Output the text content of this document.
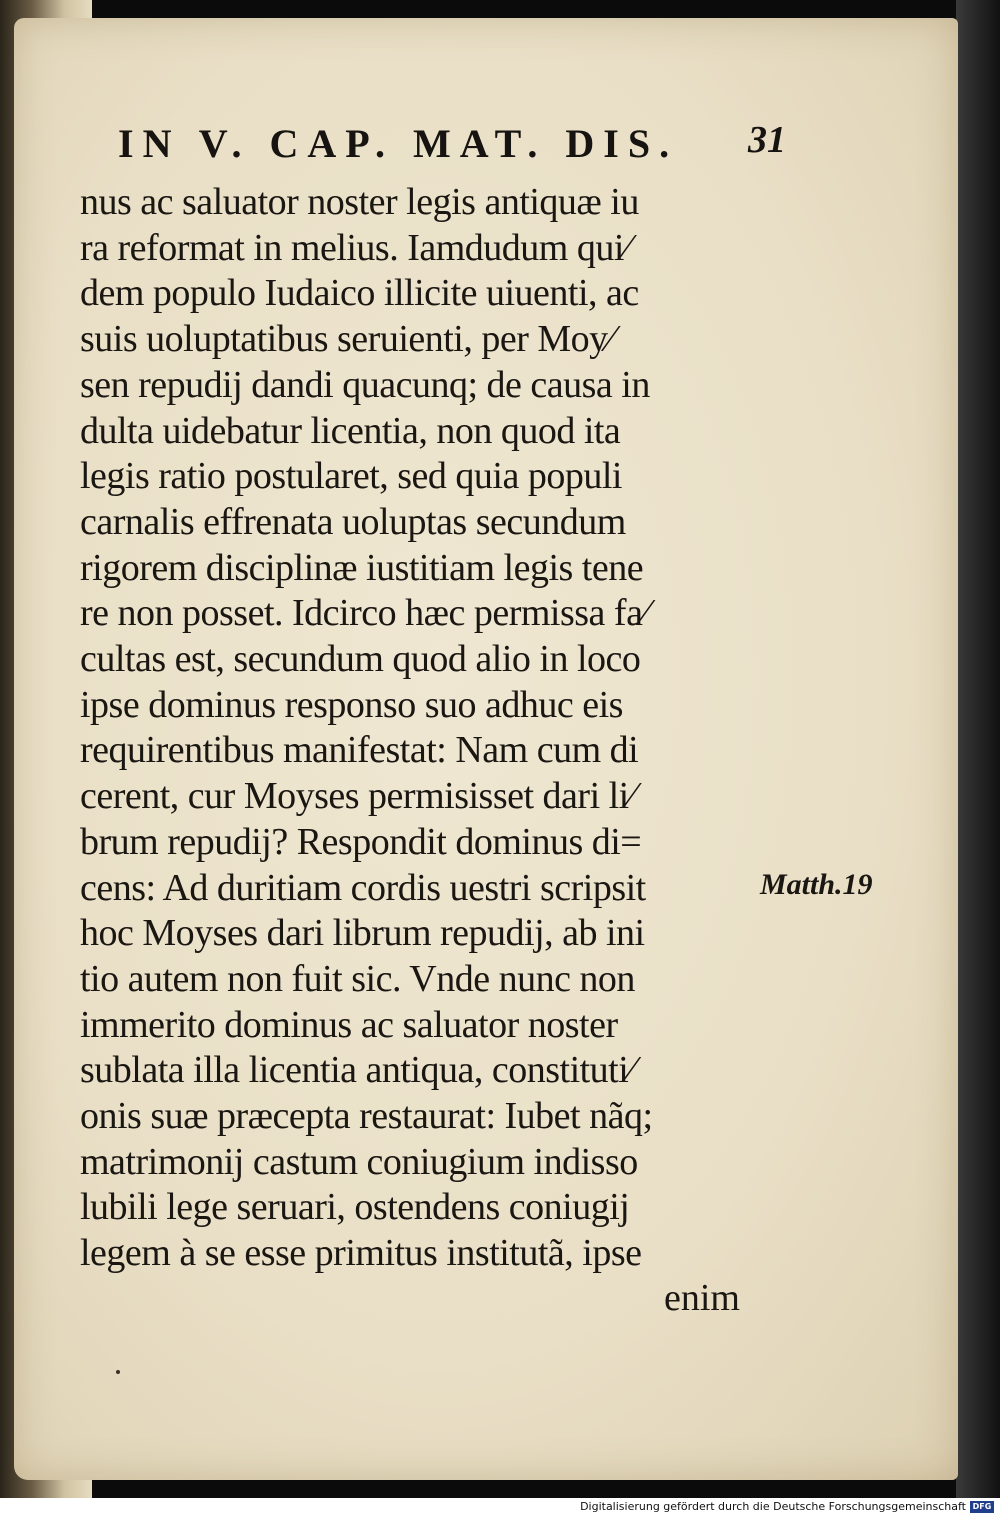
IN V. CAP. MAT. DIS.	31
nus ac saluator noster legis antiquæ iu
ra reformat in melius. Iamdudum qui⁄
dem populo Iudaico illicite uiuenti, ac
suis uoluptatibus seruienti, per Moy⁄
sen repudij dandi quacunq; de causa in
dulta uidebatur licentia, non quod ita
legis ratio postularet, sed quia populi
carnalis effrenata uoluptas secundum
rigorem disciplinæ iustitiam legis tene
re non posset. Idcirco hæc permissa fa⁄
cultas est, secundum quod alio in loco
ipse dominus responso suo adhuc eis
requirentibus manifestat: Nam cum di
cerent, cur Moyses permisisset dari li⁄
brum repudij? Respondit dominus di=
cens: Ad duritiam cordis uestri scripsit
hoc Moyses dari librum repudij, ab ini
tio autem non fuit sic. Vnde nunc non
immerito dominus ac saluator noster
sublata illa licentia antiqua, constituti⁄
onis suæ præcepta restaurat: Iubet nãq;
matrimonij castum coniugium indisso
lubili lege seruari, ostendens coniugij
legem à se esse primitus institutã, ipse
enim
Matth.19
Digitalisierung gefördert durch die Deutsche Forschungsgemeinschaft DFG
